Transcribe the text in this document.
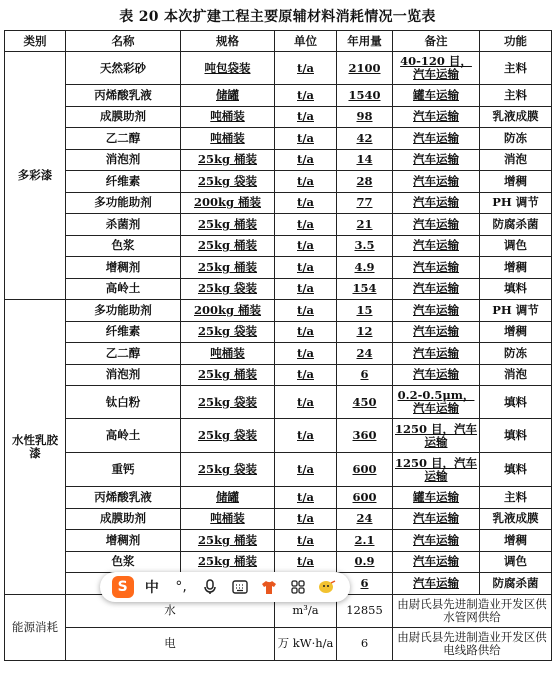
表 20 本次扩建工程主要原辅材料消耗情况一览表
类别	名称	规格	单位	年用量	备注	功能
多彩漆	天然彩砂	吨包袋装	t/a	2100	40-120 目，汽车运输	主料
	丙烯酸乳液	储罐	t/a	1540	罐车运输	主料
	成膜助剂	吨桶装	t/a	98	汽车运输	乳液成膜
	乙二醇	吨桶装	t/a	42	汽车运输	防冻
	消泡剂	25kg 桶装	t/a	14	汽车运输	消泡
	纤维素	25kg 袋装	t/a	28	汽车运输	增稠
	多功能助剂	200kg 桶装	t/a	77	汽车运输	PH 调节
	杀菌剂	25kg 桶装	t/a	21	汽车运输	防腐杀菌
	色浆	25kg 桶装	t/a	3.5	汽车运输	调色
	增稠剂	25kg 桶装	t/a	4.9	汽车运输	增稠
	高岭土	25kg 袋装	t/a	154	汽车运输	填料
水性乳胶漆	多功能助剂	200kg 桶装	t/a	15	汽车运输	PH 调节
	纤维素	25kg 袋装	t/a	12	汽车运输	增稠
	乙二醇	吨桶装	t/a	24	汽车运输	防冻
	消泡剂	25kg 桶装	t/a	6	汽车运输	消泡
	钛白粉	25kg 袋装	t/a	450	0.2-0.5μm，汽车运输	填料
	高岭土	25kg 袋装	t/a	360	1250 目，汽车运输	填料
	重钙	25kg 袋装	t/a	600	1250 目，汽车运输	填料
	丙烯酸乳液	储罐	t/a	600	罐车运输	主料
	成膜助剂	吨桶装	t/a	24	汽车运输	乳液成膜
	增稠剂	25kg 桶装	t/a	2.1	汽车运输	增稠
	色浆	25kg 桶装	t/a	0.9	汽车运输	调色
				6	汽车运输	防腐杀菌
能源消耗	水		m³/a	12855	由尉氏县先进制造业开发区供水管网供给	
	电		万 kW·h/a	6	由尉氏县先进制造业开发区供电线路供给	
S	中	°,
